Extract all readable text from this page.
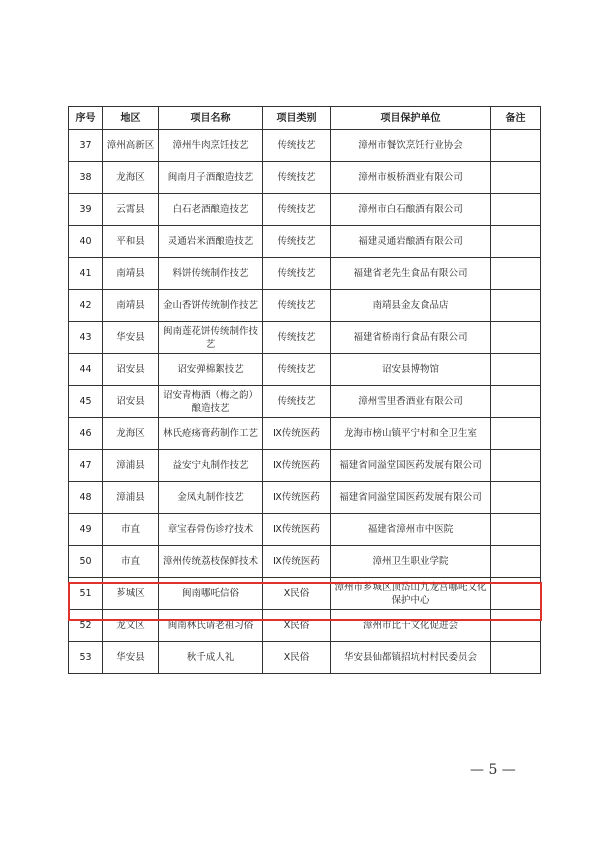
序号	地区	项目名称	项目类别	项目保护单位	备注
37	漳州高新区	漳州牛肉烹饪技艺	传统技艺	漳州市餐饮烹饪行业协会	
38	龙海区	闽南月子酒酿造技艺	传统技艺	漳州市板桥酒业有限公司	
39	云霄县	白石老酒酿造技艺	传统技艺	漳州市白石酿酒有限公司	
40	平和县	灵通岩米酒酿造技艺	传统技艺	福建灵通岩酿酒有限公司	
41	南靖县	料饼传统制作技艺	传统技艺	福建省老先生食品有限公司	
42	南靖县	金山香饼传统制作技艺	传统技艺	南靖县金友食品店	
43	华安县	闽南莲花饼传统制作技艺	传统技艺	福建省桥南行食品有限公司	
44	诏安县	诏安弹棉絮技艺	传统技艺	诏安县博物馆	
45	诏安县	诏安青梅酒（梅之韵）酿造技艺	传统技艺	漳州雪里香酒业有限公司	
46	龙海区	林氏疮疡膏药制作工艺	Ⅸ传统医药	龙海市榜山镇平宁村和全卫生室	
47	漳浦县	益安宁丸制作技艺	Ⅸ传统医药	福建省同溢堂国医药发展有限公司	
48	漳浦县	金凤丸制作技艺	Ⅸ传统医药	福建省同溢堂国医药发展有限公司	
49	市直	章宝春骨伤诊疗技术	Ⅸ传统医药	福建省漳州市中医院	
50	市直	漳州传统荔枝保鲜技术	Ⅸ传统医药	漳州卫生职业学院	
51	芗城区	闽南哪吒信俗	Ⅹ民俗	漳州市芗城区顶岱山九龙宫哪吒文化保护中心	
52	龙文区	闽南林氏请老祖习俗	Ⅹ民俗	漳州市比干文化促进会	
53	华安县	秋千成人礼	Ⅹ民俗	华安县仙都镇招坑村村民委员会	
— 5 —
